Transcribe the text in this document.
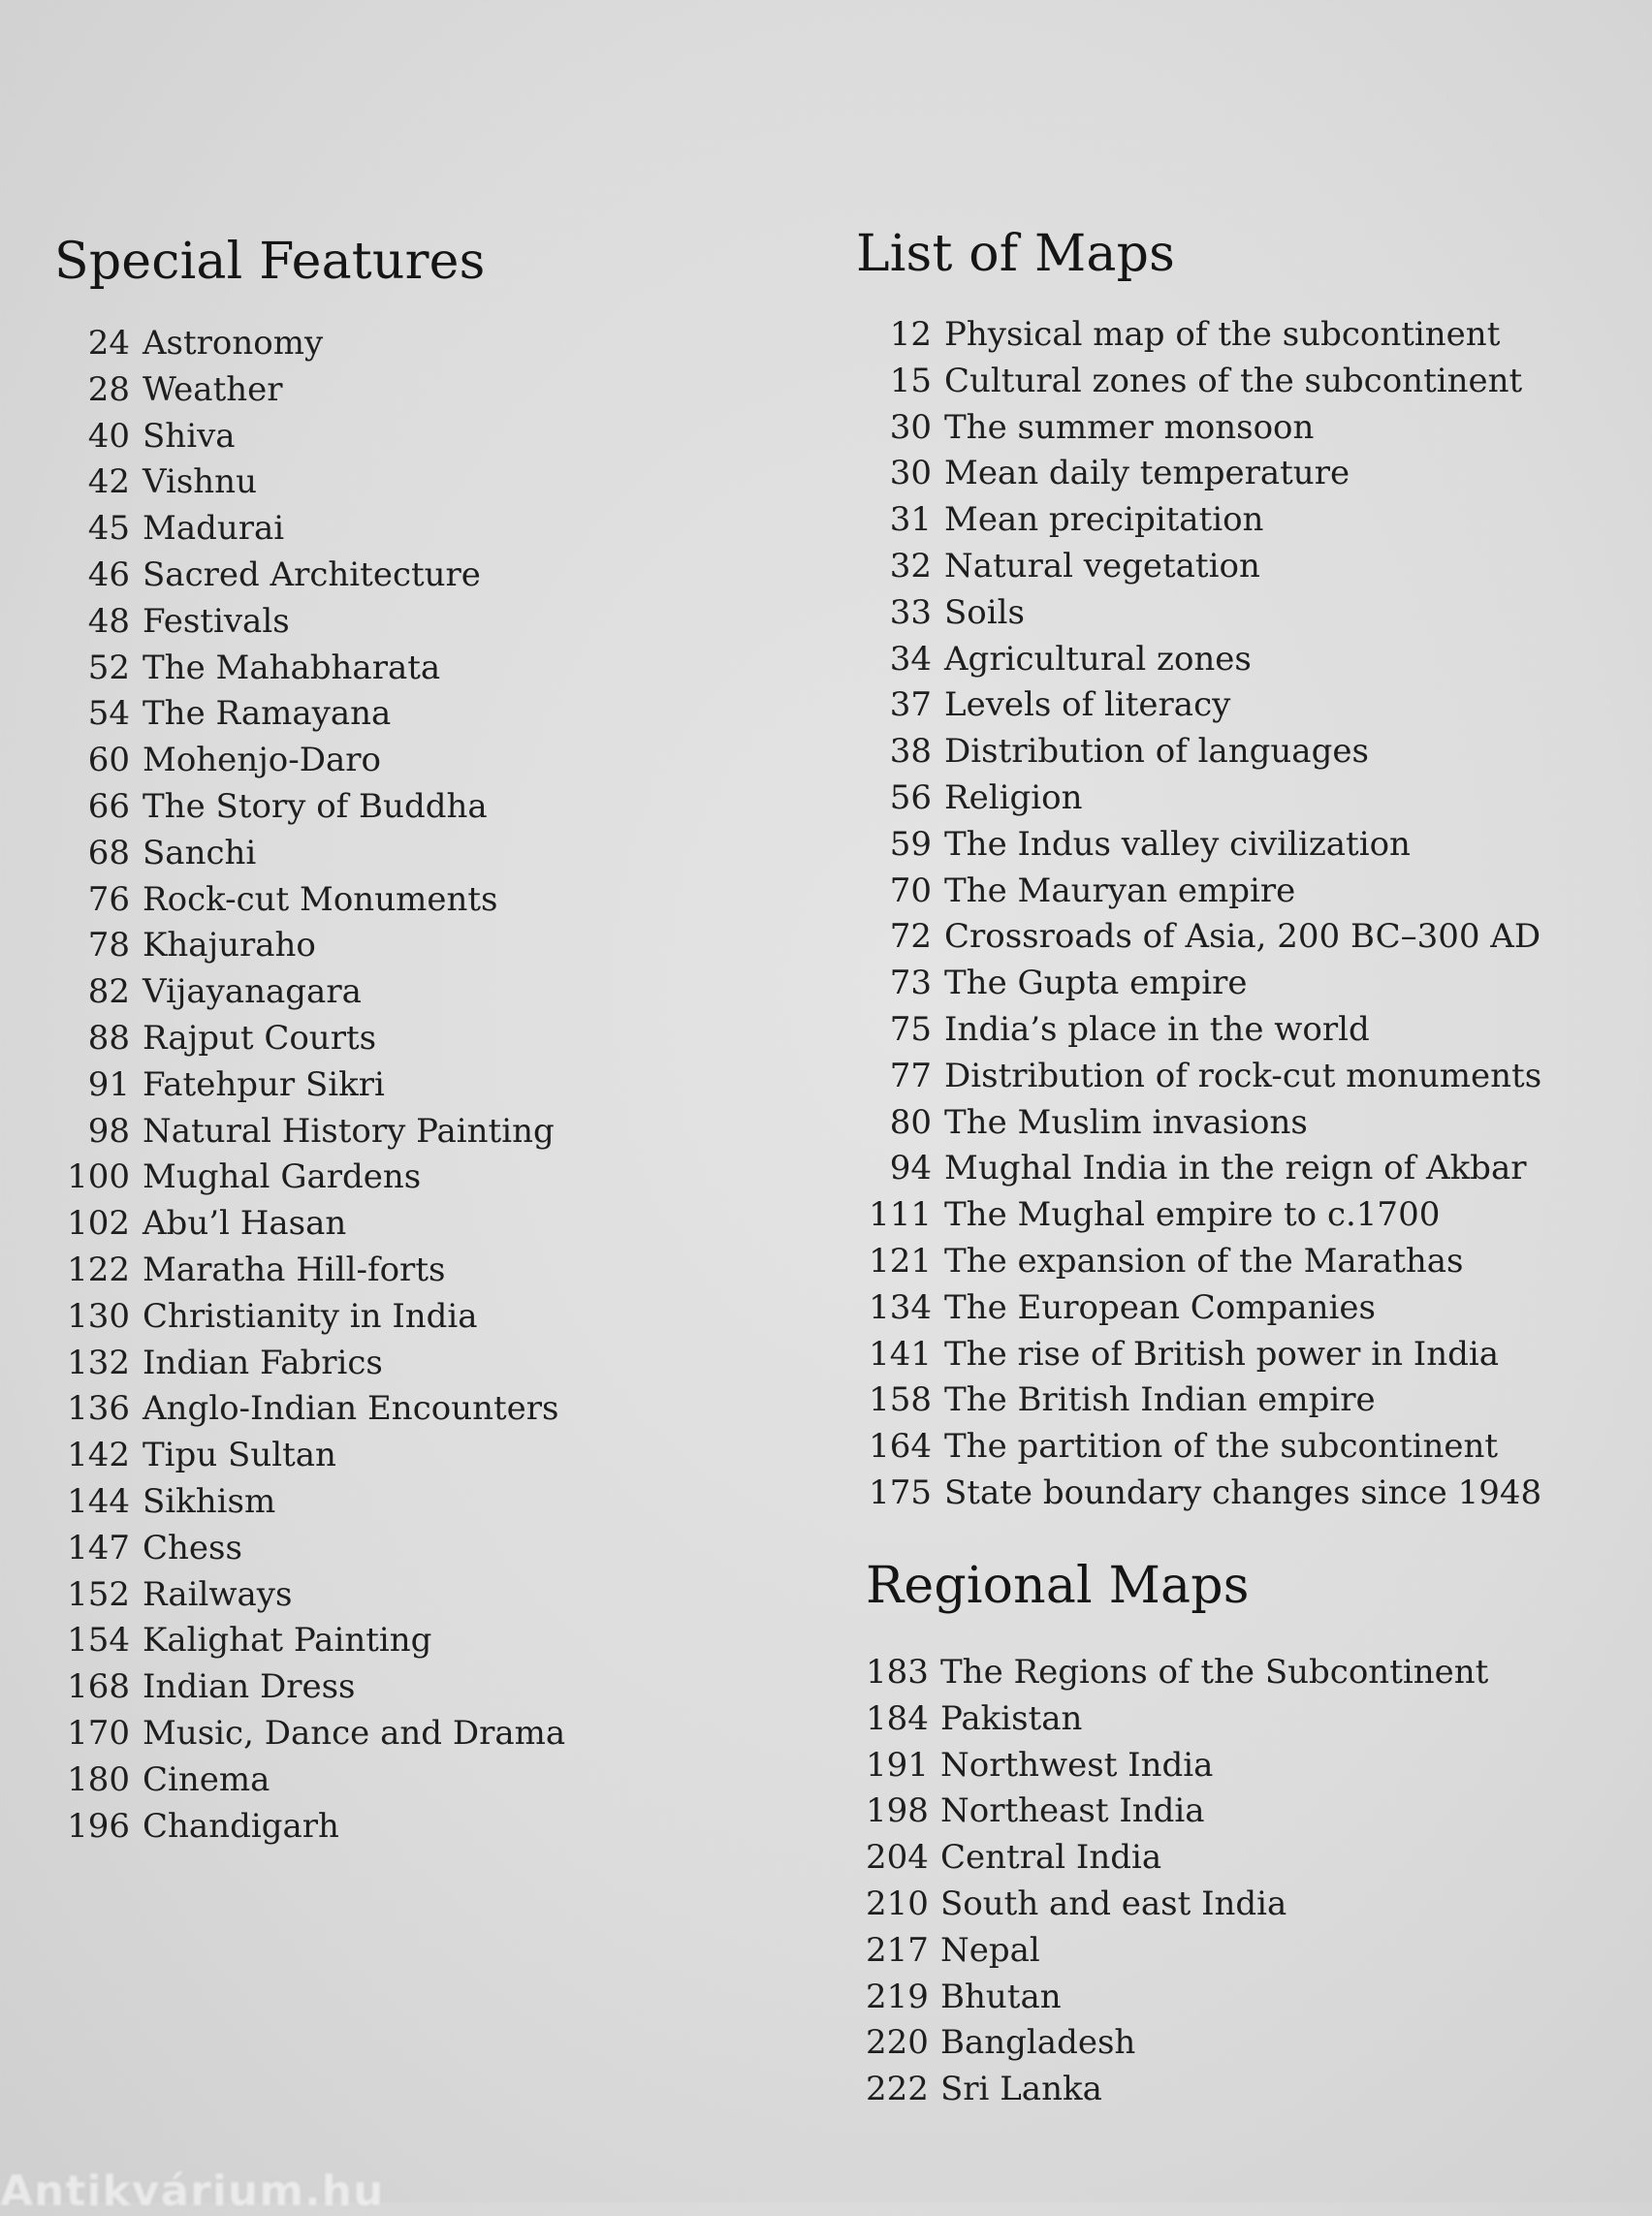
Special Features
24 Astronomy
28 Weather
40 Shiva
42 Vishnu
45 Madurai
46 Sacred Architecture
48 Festivals
52 The Mahabharata
54 The Ramayana
60 Mohenjo-Daro
66 The Story of Buddha
68 Sanchi
76 Rock-cut Monuments
78 Khajuraho
82 Vijayanagara
88 Rajput Courts
91 Fatehpur Sikri
98 Natural History Painting
100 Mughal Gardens
102 Abu’l Hasan
122 Maratha Hill-forts
130 Christianity in India
132 Indian Fabrics
136 Anglo-Indian Encounters
142 Tipu Sultan
144 Sikhism
147 Chess
152 Railways
154 Kalighat Painting
168 Indian Dress
170 Music, Dance and Drama
180 Cinema
196 Chandigarh
List of Maps
12 Physical map of the subcontinent
15 Cultural zones of the subcontinent
30 The summer monsoon
30 Mean daily temperature
31 Mean precipitation
32 Natural vegetation
33 Soils
34 Agricultural zones
37 Levels of literacy
38 Distribution of languages
56 Religion
59 The Indus valley civilization
70 The Mauryan empire
72 Crossroads of Asia, 200 BC–300 AD
73 The Gupta empire
75 India’s place in the world
77 Distribution of rock-cut monuments
80 The Muslim invasions
94 Mughal India in the reign of Akbar
111 The Mughal empire to c.1700
121 The expansion of the Marathas
134 The European Companies
141 The rise of British power in India
158 The British Indian empire
164 The partition of the subcontinent
175 State boundary changes since 1948
Regional Maps
183 The Regions of the Subcontinent
184 Pakistan
191 Northwest India
198 Northeast India
204 Central India
210 South and east India
217 Nepal
219 Bhutan
220 Bangladesh
222 Sri Lanka
Antikvárium.hu
